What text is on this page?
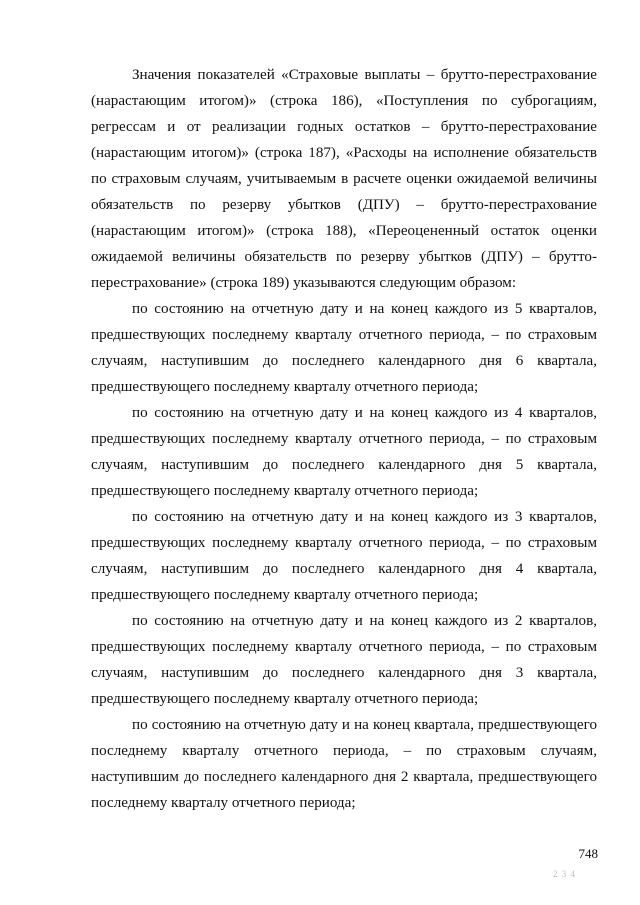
Значения показателей «Страховые выплаты – брутто-перестрахование (нарастающим итогом)» (строка 186), «Поступления по суброгациям, регрессам и от реализации годных остатков – брутто-перестрахование (нарастающим итогом)» (строка 187), «Расходы на исполнение обязательств по страховым случаям, учитываемым в расчете оценки ожидаемой величины обязательств по резерву убытков (ДПУ) – брутто-перестрахование (нарастающим итогом)» (строка 188), «Переоцененный остаток оценки ожидаемой величины обязательств по резерву убытков (ДПУ) – брутто-перестрахование» (строка 189) указываются следующим образом:

по состоянию на отчетную дату и на конец каждого из 5 кварталов, предшествующих последнему кварталу отчетного периода, – по страховым случаям, наступившим до последнего календарного дня 6 квартала, предшествующего последнему кварталу отчетного периода;

по состоянию на отчетную дату и на конец каждого из 4 кварталов, предшествующих последнему кварталу отчетного периода, – по страховым случаям, наступившим до последнего календарного дня 5 квартала, предшествующего последнему кварталу отчетного периода;

по состоянию на отчетную дату и на конец каждого из 3 кварталов, предшествующих последнему кварталу отчетного периода, – по страховым случаям, наступившим до последнего календарного дня 4 квартала, предшествующего последнему кварталу отчетного периода;

по состоянию на отчетную дату и на конец каждого из 2 кварталов, предшествующих последнему кварталу отчетного периода, – по страховым случаям, наступившим до последнего календарного дня 3 квартала, предшествующего последнему кварталу отчетного периода;

по состоянию на отчетную дату и на конец квартала, предшествующего последнему кварталу отчетного периода, – по страховым случаям, наступившим до последнего календарного дня 2 квартала, предшествующего последнему кварталу отчетного периода;

748
2 3 4
